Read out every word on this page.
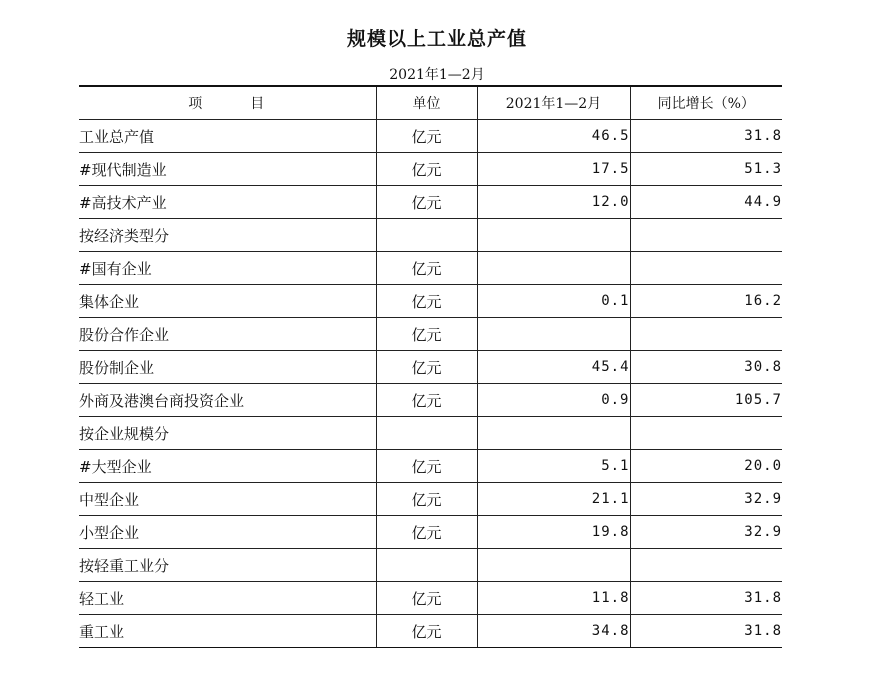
规模以上工业总产值
2021年1—2月
项 目	单位	2021年1—2月	同比增长（%）
工业总产值	亿元	46.5	31.8
#现代制造业	亿元	17.5	51.3
#高技术产业	亿元	12.0	44.9
按经济类型分			
#国有企业	亿元		
集体企业	亿元	0.1	16.2
股份合作企业	亿元		
股份制企业	亿元	45.4	30.8
外商及港澳台商投资企业	亿元	0.9	105.7
按企业规模分			
#大型企业	亿元	5.1	20.0
中型企业	亿元	21.1	32.9
小型企业	亿元	19.8	32.9
按轻重工业分			
轻工业	亿元	11.8	31.8
重工业	亿元	34.8	31.8
